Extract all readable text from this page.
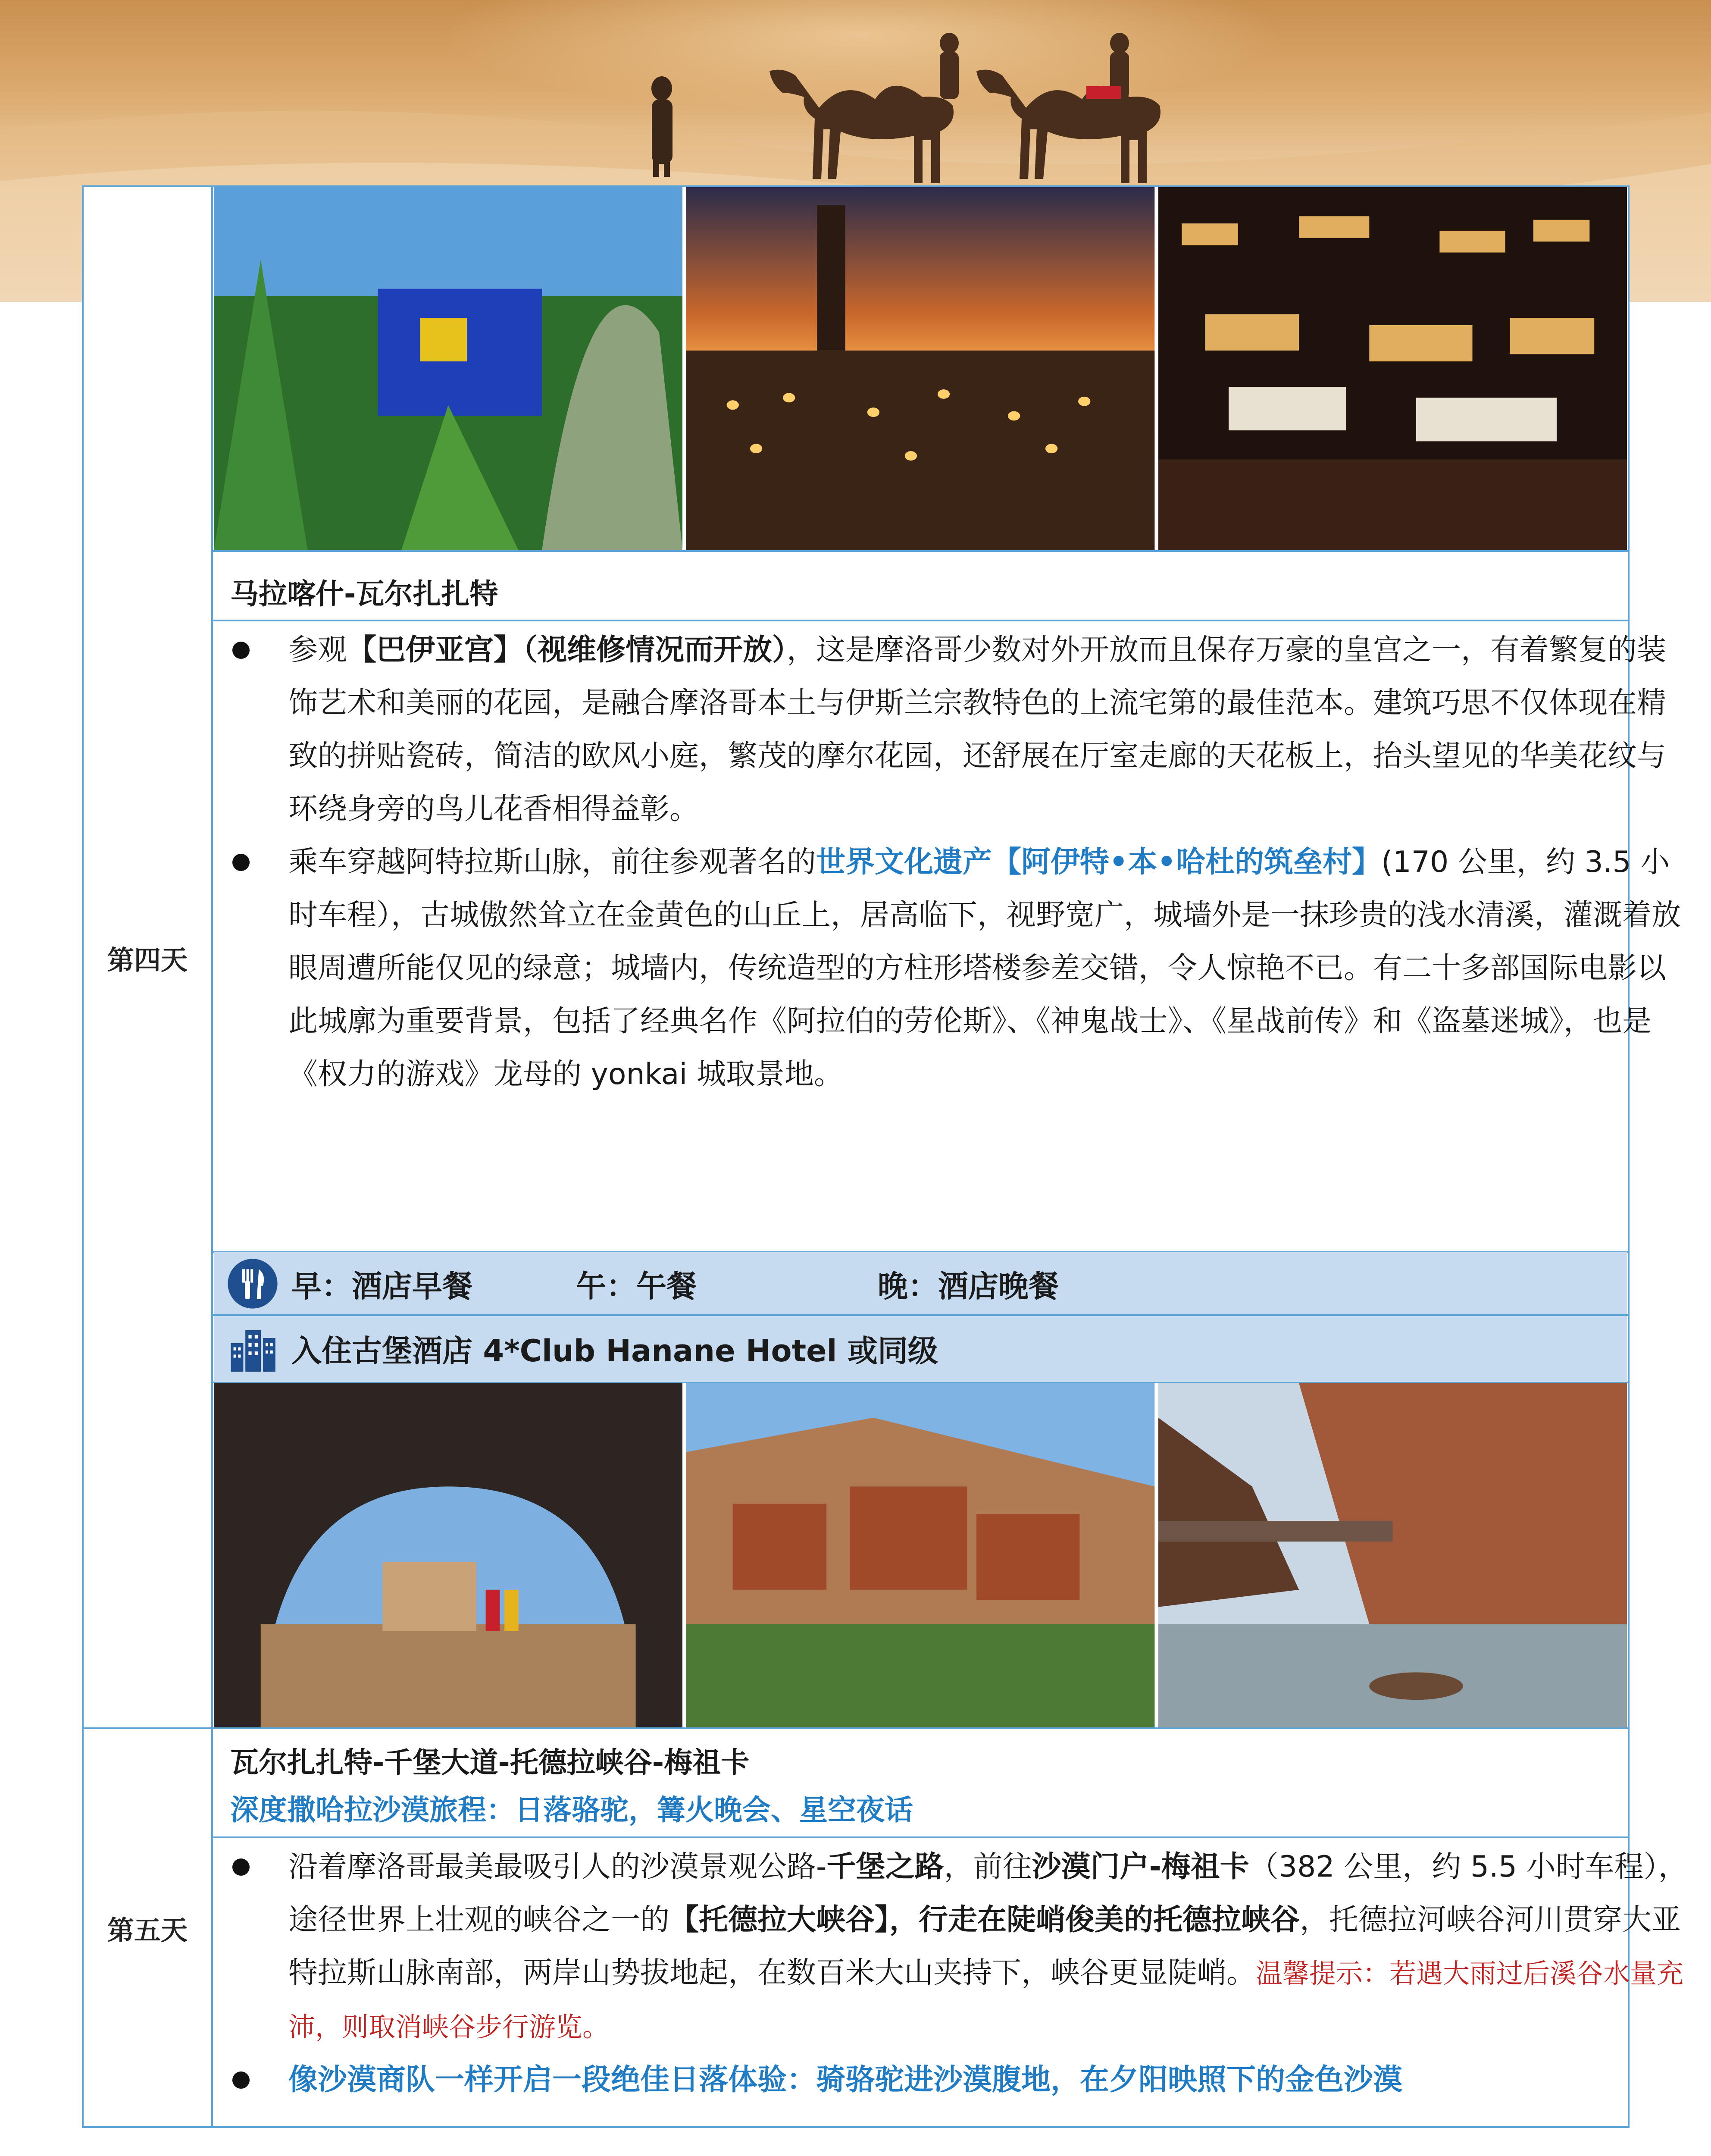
第四天
第五天
马拉喀什-瓦尔扎扎特
参观【巴伊亚宫】（视维修情况而开放），这是摩洛哥少数对外开放而且保存万豪的皇宫之一，有着繁复的装饰艺术和美丽的花园，是融合摩洛哥本土与伊斯兰宗教特色的上流宅第的最佳范本。建筑巧思不仅体现在精致的拼贴瓷砖，简洁的欧风小庭，繁茂的摩尔花园，还舒展在厅室走廊的天花板上，抬头望见的华美花纹与环绕身旁的鸟儿花香相得益彰。
乘车穿越阿特拉斯山脉，前往参观著名的世界文化遗产【阿伊特•本•哈杜的筑垒村】(170 公里，约 3.5 小时车程），古城傲然耸立在金黄色的山丘上，居高临下，视野宽广，城墙外是一抹珍贵的浅水清溪，灌溉着放眼周遭所能仅见的绿意；城墙内，传统造型的方柱形塔楼参差交错，令人惊艳不已。有二十多部国际电影以此城廓为重要背景，包括了经典名作《阿拉伯的劳伦斯》、《神鬼战士》、《星战前传》和《盗墓迷城》，也是《权力的游戏》龙母的 yonkai 城取景地。
早：酒店早餐	午：午餐	晚：酒店晚餐
入住古堡酒店 4*Club Hanane Hotel 或同级
瓦尔扎扎特-千堡大道-托德拉峡谷-梅祖卡
深度撒哈拉沙漠旅程：日落骆驼，篝火晚会、星空夜话
沿着摩洛哥最美最吸引人的沙漠景观公路-千堡之路，前往沙漠门户-梅祖卡（382 公里，约 5.5 小时车程），途径世界上壮观的峡谷之一的【托德拉大峡谷】，行走在陡峭俊美的托德拉峡谷，托德拉河峡谷河川贯穿大亚特拉斯山脉南部，两岸山势拔地起，在数百米大山夹持下，峡谷更显陡峭。温馨提示：若遇大雨过后溪谷水量充沛，则取消峡谷步行游览。
像沙漠商队一样开启一段绝佳日落体验：骑骆驼进沙漠腹地，在夕阳映照下的金色沙漠
